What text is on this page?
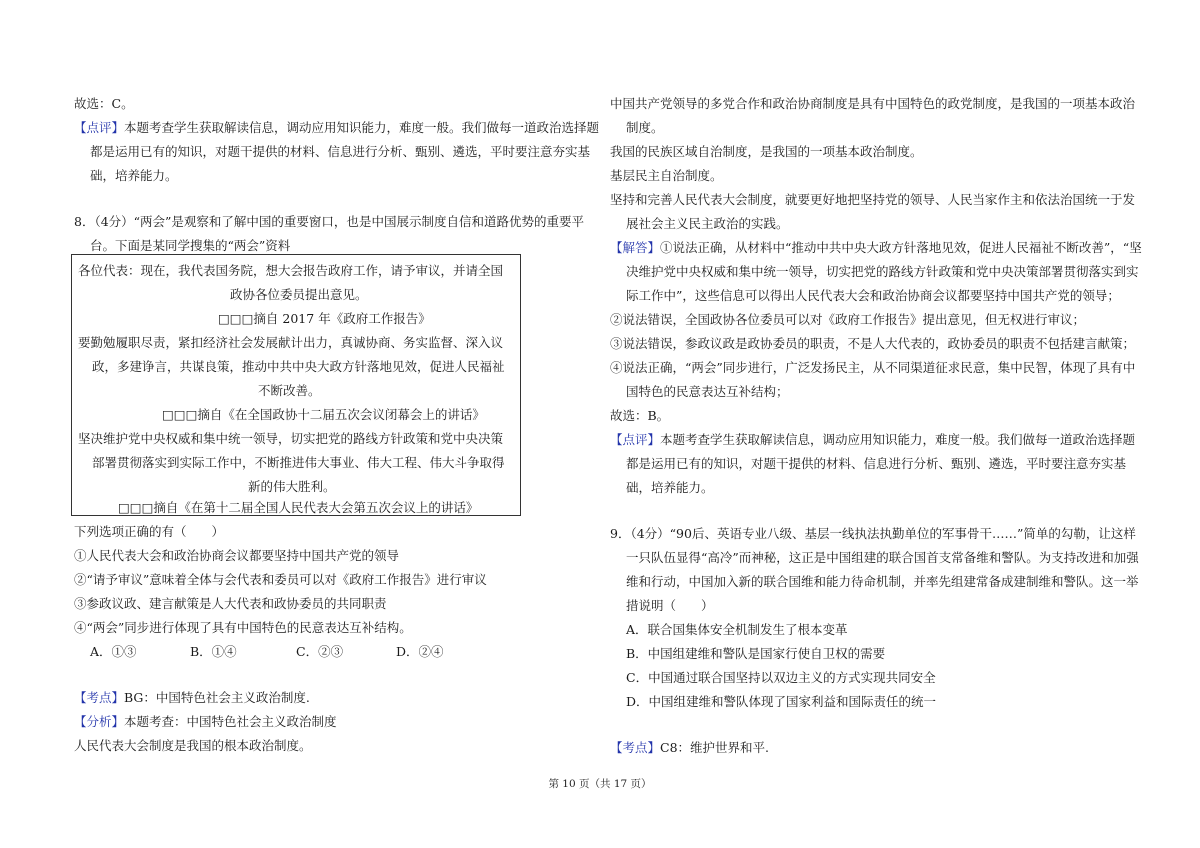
故选：C。
【点评】本题考查学生获取解读信息，调动应用知识能力，难度一般。我们做每一道政治选择题
都是运用已有的知识，对题干提供的材料、信息进行分析、甄别、遴选，平时要注意夯实基
础，培养能力。
8．（4分）“两会”是观察和了解中国的重要窗口，也是中国展示制度自信和道路优势的重要平
台。下面是某同学搜集的“两会”资料
各位代表：现在，我代表国务院，想大会报告政府工作，请予审议，并请全国
政协各位委员提出意见。
□□□摘自 2017 年《政府工作报告》
要勤勉履职尽责，紧扣经济社会发展献计出力，真诚协商、务实监督、深入议
政，多建诤言，共谋良策，推动中共中央大政方针落地见效，促进人民福祉
不断改善。
□□□摘自《在全国政协十二届五次会议闭幕会上的讲话》
坚决维护党中央权威和集中统一领导，切实把党的路线方针政策和党中央决策
部署贯彻落实到实际工作中，不断推进伟大事业、伟大工程、伟大斗争取得
新的伟大胜利。
□□□摘自《在第十二届全国人民代表大会第五次会议上的讲话》
下列选项正确的有（　　）
①人民代表大会和政治协商会议都要坚持中国共产党的领导
②“请予审议”意味着全体与会代表和委员可以对《政府工作报告》进行审议
③参政议政、建言献策是人大代表和政协委员的共同职责
④“两会”同步进行体现了具有中国特色的民意表达互补结构。
A．①③	B．①④	C．②③	D．②④
【考点】BG：中国特色社会主义政治制度.
【分析】本题考查：中国特色社会主义政治制度
人民代表大会制度是我国的根本政治制度。
中国共产党领导的多党合作和政治协商制度是具有中国特色的政党制度，是我国的一项基本政治
制度。
我国的民族区域自治制度，是我国的一项基本政治制度。
基层民主自治制度。
坚持和完善人民代表大会制度，就要更好地把坚持党的领导、人民当家作主和依法治国统一于发
展社会主义民主政治的实践。
【解答】①说法正确，从材料中“推动中共中央大政方针落地见效，促进人民福祉不断改善”，“坚
决维护党中央权威和集中统一领导，切实把党的路线方针政策和党中央决策部署贯彻落实到实
际工作中”，这些信息可以得出人民代表大会和政治协商会议都要坚持中国共产党的领导；
②说法错误，全国政协各位委员可以对《政府工作报告》提出意见，但无权进行审议；
③说法错误，参政议政是政协委员的职责，不是人大代表的，政协委员的职责不包括建言献策；
④说法正确，“两会”同步进行，广泛发扬民主，从不同渠道征求民意，集中民智，体现了具有中
国特色的民意表达互补结构；
故选：B。
【点评】本题考查学生获取解读信息，调动应用知识能力，难度一般。我们做每一道政治选择题
都是运用已有的知识，对题干提供的材料、信息进行分析、甄别、遴选，平时要注意夯实基
础，培养能力。
9．（4分）“90后、英语专业八级、基层一线执法执勤单位的军事骨干……”简单的勾勒，让这样
一只队伍显得“高冷”而神秘，这正是中国组建的联合国首支常备维和警队。为支持改进和加强
维和行动，中国加入新的联合国维和能力待命机制，并率先组建常备成建制维和警队。这一举
措说明（　　）
A．联合国集体安全机制发生了根本变革
B．中国组建维和警队是国家行使自卫权的需要
C．中国通过联合国坚持以双边主义的方式实现共同安全
D．中国组建维和警队体现了国家利益和国际责任的统一
【考点】C8：维护世界和平.
第 10 页（共 17 页）
